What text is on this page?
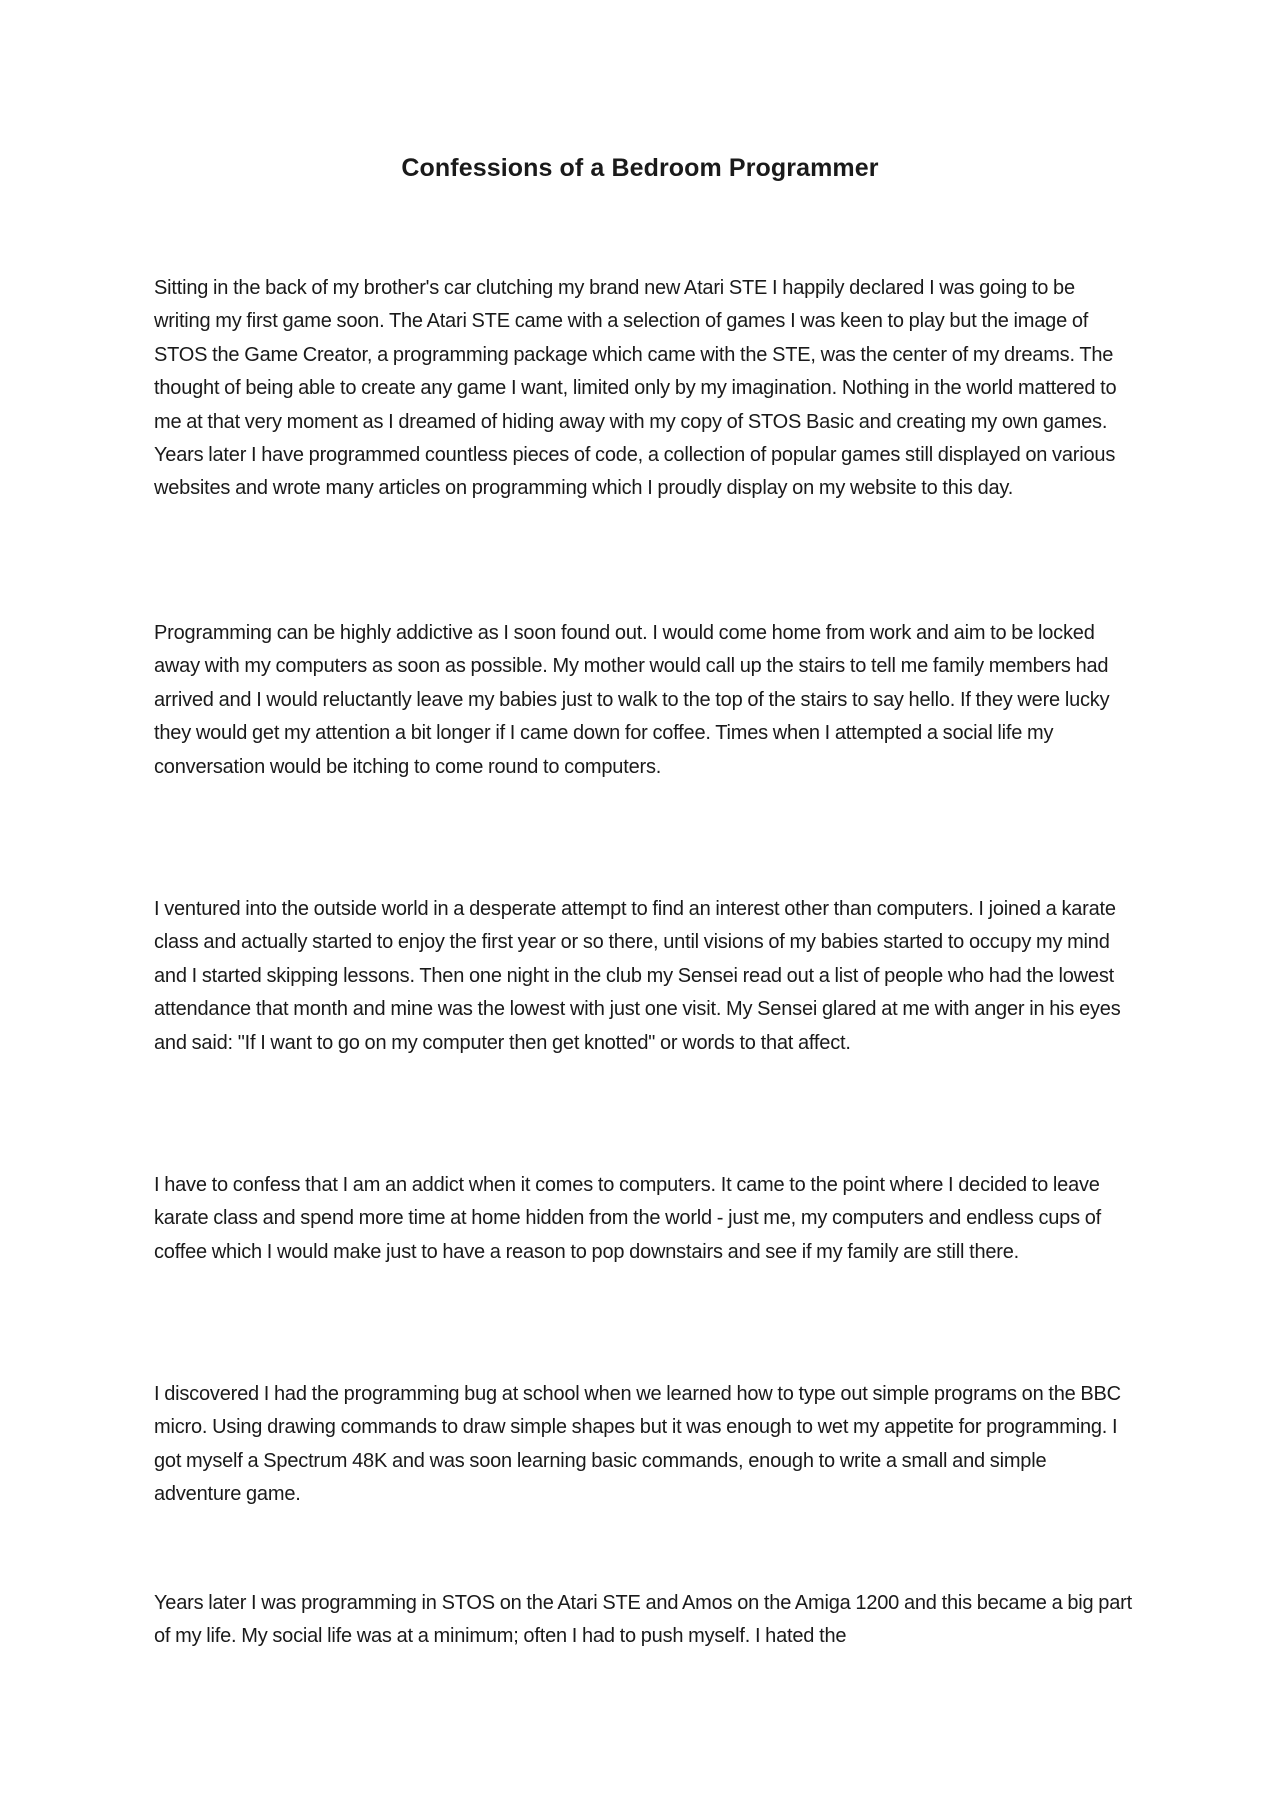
Confessions of a Bedroom Programmer

Sitting in the back of my brother's car clutching my brand new Atari STE I happily declared I was going to be writing my first game soon. The Atari STE came with a selection of games I was keen to play but the image of STOS the Game Creator, a programming package which came with the STE, was the center of my dreams. The thought of being able to create any game I want, limited only by my imagination. Nothing in the world mattered to me at that very moment as I dreamed of hiding away with my copy of STOS Basic and creating my own games. Years later I have programmed countless pieces of code, a collection of popular games still displayed on various websites and wrote many articles on programming which I proudly display on my website to this day.

Programming can be highly addictive as I soon found out. I would come home from work and aim to be locked away with my computers as soon as possible. My mother would call up the stairs to tell me family members had arrived and I would reluctantly leave my babies just to walk to the top of the stairs to say hello. If they were lucky they would get my attention a bit longer if I came down for coffee. Times when I attempted a social life my conversation would be itching to come round to computers.

I ventured into the outside world in a desperate attempt to find an interest other than computers. I joined a karate class and actually started to enjoy the first year or so there, until visions of my babies started to occupy my mind and I started skipping lessons. Then one night in the club my Sensei read out a list of people who had the lowest attendance that month and mine was the lowest with just one visit. My Sensei glared at me with anger in his eyes and said: "If I want to go on my computer then get knotted" or words to that affect.

I have to confess that I am an addict when it comes to computers. It came to the point where I decided to leave karate class and spend more time at home hidden from the world - just me, my computers and endless cups of coffee which I would make just to have a reason to pop downstairs and see if my family are still there.

I discovered I had the programming bug at school when we learned how to type out simple programs on the BBC micro. Using drawing commands to draw simple shapes but it was enough to wet my appetite for programming. I got myself a Spectrum 48K and was soon learning basic commands, enough to write a small and simple adventure game.

Years later I was programming in STOS on the Atari STE and Amos on the Amiga 1200 and this became a big part of my life. My social life was at a minimum; often I had to push myself. I hated the
